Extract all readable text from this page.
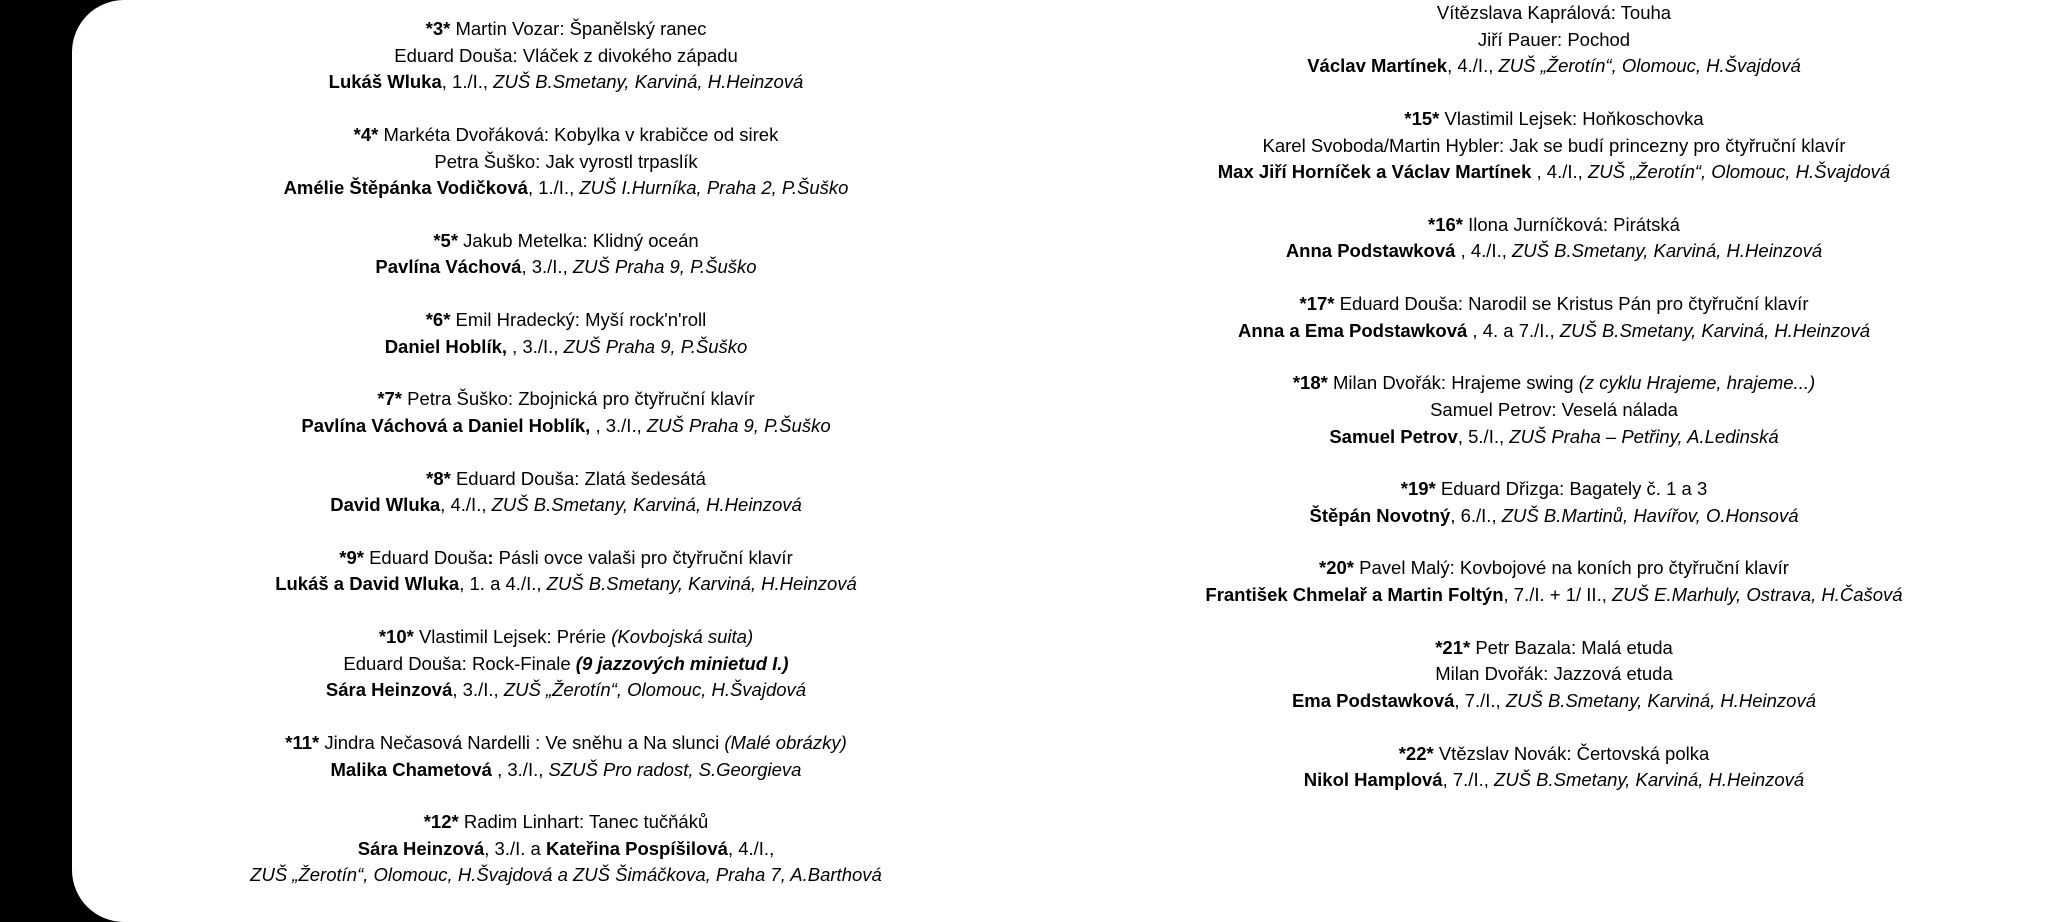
*3* Martin Vozar: Španělský ranec
Eduard Douša: Vláček z divokého západu
Lukáš Wluka, 1./I., ZUŠ B.Smetany, Karviná, H.Heinzová
*4* Markéta Dvořáková: Kobylka v krabičce od sirek
Petra Šuško: Jak vyrostl trpaslík
Amélie Štěpánka Vodičková, 1./I., ZUŠ I.Hurníka, Praha 2, P.Šuško
*5* Jakub Metelka: Klidný oceán
Pavlína Váchová, 3./I., ZUŠ Praha 9, P.Šuško
*6* Emil Hradecký: Myší rock'n'roll
Daniel Hoblík, , 3./I., ZUŠ Praha 9, P.Šuško
*7* Petra Šuško: Zbojnická pro čtyřruční klavír
Pavlína Váchová a Daniel Hoblík, , 3./I., ZUŠ Praha 9, P.Šuško
*8* Eduard Douša: Zlatá šedesátá
David Wluka, 4./I., ZUŠ B.Smetany, Karviná, H.Heinzová
*9* Eduard Douša: Pásli ovce valaši pro čtyřruční klavír
Lukáš a David Wluka, 1. a 4./I., ZUŠ B.Smetany, Karviná, H.Heinzová
*10* Vlastimil Lejsek: Prérie (Kovbojská suita)
Eduard Douša: Rock-Finale (9 jazzových minietud I.)
Sára Heinzová, 3./I., ZUŠ „Žerotín“, Olomouc, H.Švajdová
*11* Jindra Nečasová Nardelli : Ve sněhu a Na slunci (Malé obrázky)
Malika Chametová , 3./I., SZUŠ Pro radost, S.Georgieva
*12* Radim Linhart: Tanec tučňáků
Sára Heinzová, 3./I. a Kateřina Pospíšilová, 4./I.,
ZUŠ „Žerotín“, Olomouc, H.Švajdová a ZUŠ Šimáčkova, Praha 7, A.Barthová
Vítězslava Kaprálová: Touha
Jiří Pauer: Pochod
Václav Martínek, 4./I., ZUŠ „Žerotín“, Olomouc, H.Švajdová
*15* Vlastimil Lejsek: Hoňkoschovka
Karel Svoboda/Martin Hybler: Jak se budí princezny pro čtyřruční klavír
Max Jiří Horníček a Václav Martínek , 4./I., ZUŠ „Žerotín“, Olomouc, H.Švajdová
*16* Ilona Jurníčková: Pirátská
Anna Podstawková , 4./I., ZUŠ B.Smetany, Karviná, H.Heinzová
*17* Eduard Douša: Narodil se Kristus Pán pro čtyřruční klavír
Anna a Ema Podstawková , 4. a 7./I., ZUŠ B.Smetany, Karviná, H.Heinzová
*18* Milan Dvořák: Hrajeme swing (z cyklu Hrajeme, hrajeme...)
Samuel Petrov: Veselá nálada
Samuel Petrov, 5./I., ZUŠ Praha – Petřiny, A.Ledinská
*19* Eduard Dřizga: Bagately č. 1 a 3
Štěpán Novotný, 6./I., ZUŠ B.Martinů, Havířov, O.Honsová
*20* Pavel Malý: Kovbojové na koních pro čtyřruční klavír
František Chmelař a Martin Foltýn, 7./I. + 1/ II., ZUŠ E.Marhuly, Ostrava, H.Čašová
*21* Petr Bazala: Malá etuda
Milan Dvořák: Jazzová etuda
Ema Podstawková, 7./I., ZUŠ B.Smetany, Karviná, H.Heinzová
*22* Vtězslav Novák: Čertovská polka
Nikol Hamplová, 7./I., ZUŠ B.Smetany, Karviná, H.Heinzová
